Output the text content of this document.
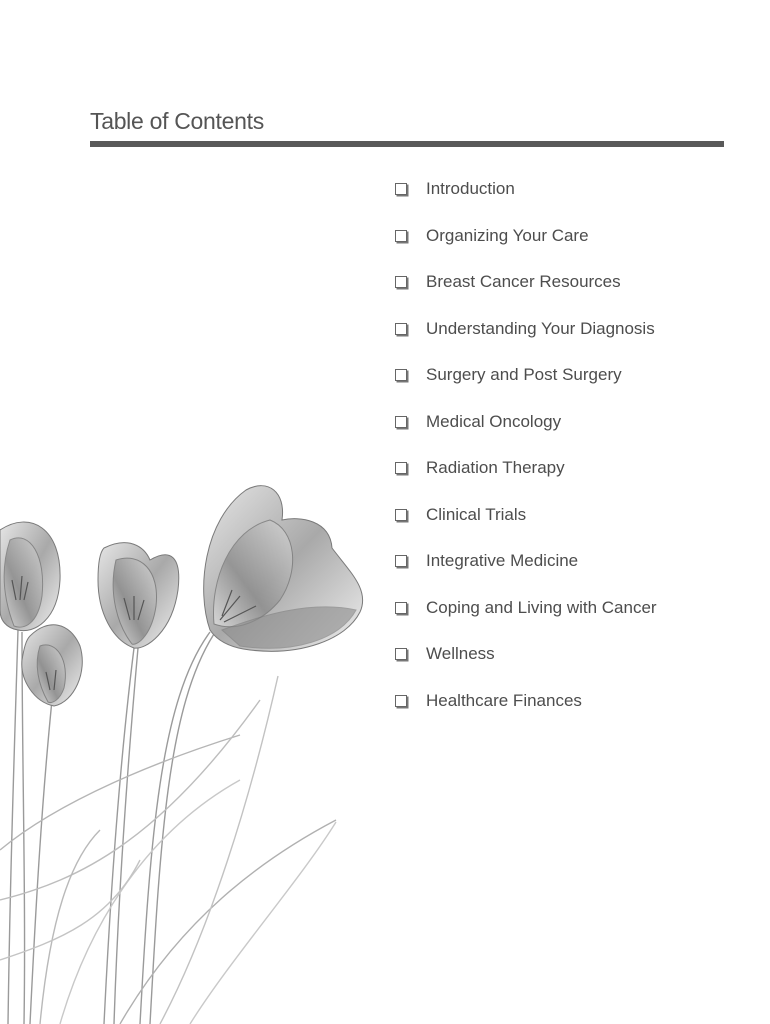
Table of Contents
Introduction
Organizing Your Care
Breast Cancer Resources
Understanding Your Diagnosis
Surgery and Post Surgery
Medical Oncology
Radiation Therapy
Clinical Trials
Integrative Medicine
Coping and Living with Cancer
Wellness
Healthcare Finances
